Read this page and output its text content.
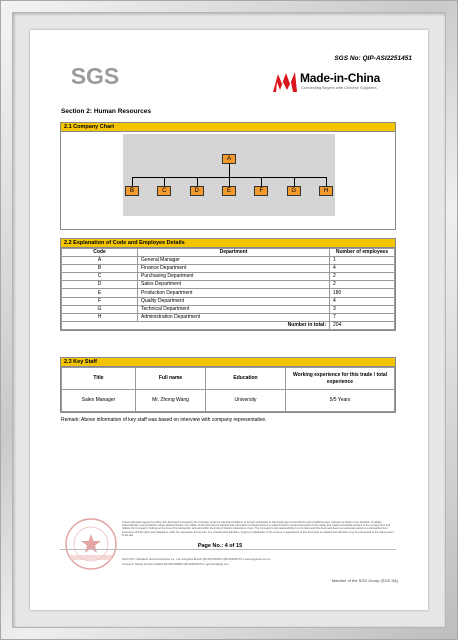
SGS No: QIP-ASI2251451
SGS	Made-in-China
Connecting Buyers with Chinese Suppliers
Section 2: Human Resources
2.1 Company Chart
A
B	C	D	E	F	G	H
2.2 Explanation of Code and Employee Details
Code	Department	Number of employees
A	General Manager	1
B	Finance Department	4
C	Purchasing Department	2
D	Sales Department	2
E	Production Department	180
F	Quality Department	4
G	Technical Department	3
H	Administration Department	7
Number in total:		204
2.3 Key Staff
Title	Full name	Education	Working experience for this trade / total experience
Sales Manager	Mr. Zhong Wang	University	5/5 Years
Remark: Above information of key staff was based on interview with company representative.
Unless otherwise agreed in writing, this document is issued by the Company under its General Conditions of Service accessible at http://www.sgs.com/en/Terms-and-Conditions.aspx. Attention is drawn to the limitation of liability, indemnification and jurisdiction issues defined therein. Any holder of this document is advised that information contained hereon is solely limited to visual examination of the safely and readily accessible portions of the consignment and reflects the Company's findings at the time of its intervention only and within the limits of Client's instructions, if any. The Company's sole responsibility is to its Client and this document does not exonerate parties to a transaction from exercising all their rights and obligations under the transaction documents. Any unauthorized alteration, forgery or falsification of the content or appearance of this document is unlawful and offenders may be prosecuted to the fullest extent of the law.
Page No.: 4 of 15
SGS-CSTC Standards Technical Services Co., Ltd. Hangzhou Branch (86-25)6728380 f (86-25)6640770 e www.sgsgroup.com.cn
Consumer Testing Services 210014 (86-25)6728380 f (86-25)6640770 e sgs.china@sgs.com
Member of the SGS Group (SGS SA)
